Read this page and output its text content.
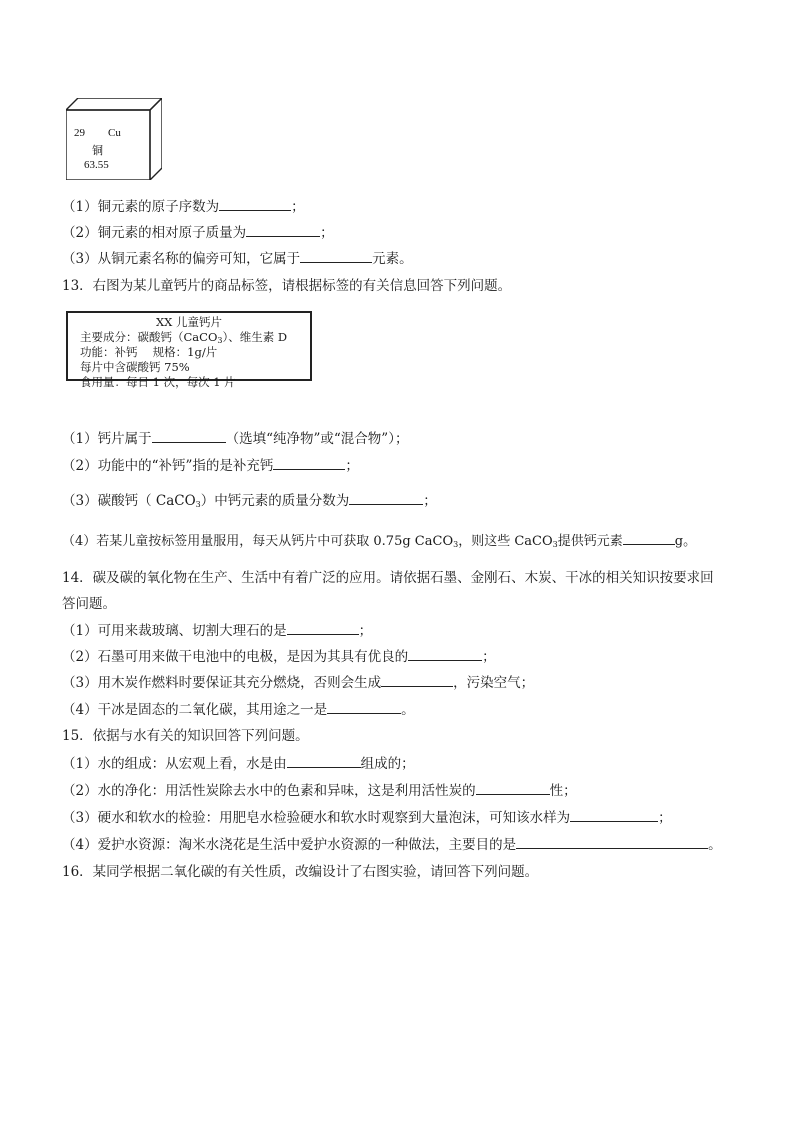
29 Cu
铜
63.55
（1）铜元素的原子序数为	；
（2）铜元素的相对原子质量为	；
（3）从铜元素名称的偏旁可知，它属于	元素。
13．右图为某儿童钙片的商品标签，请根据标签的有关信息回答下列问题。
XX 儿童钙片
主要成分：碳酸钙（CaCO$_3$）、维生素 D
功能：补钙　 规格：1g/片
每片中含碳酸钙 75%
食用量：每日 1 次，每次 1 片
（1）钙片属于	（选填“纯净物”或“混合物”）；
（2）功能中的“补钙”指的是补充钙	；
（3）碳酸钙（ CaCO$_3$）中钙元素的质量分数为	；
（4）若某儿童按标签用量服用，每天从钙片中可获取 0.75g CaCO$_3$，则这些 CaCO$_3$提供钙元素	g。
14．碳及碳的氧化物在生产、生活中有着广泛的应用。请依据石墨、金刚石、木炭、干冰的相关知识按要求回
答问题。
（1）可用来裁玻璃、切割大理石的是	；
（2）石墨可用来做干电池中的电极，是因为其具有优良的	；
（3）用木炭作燃料时要保证其充分燃烧，否则会生成	，污染空气；
（4）干冰是固态的二氧化碳，其用途之一是	。
15．依据与水有关的知识回答下列问题。
（1）水的组成：从宏观上看，水是由	组成的；
（2）水的净化：用活性炭除去水中的色素和异味，这是利用活性炭的	性；
（3）硬水和软水的检验：用肥皂水检验硬水和软水时观察到大量泡沫，可知该水样为	；
（4）爱护水资源：淘米水浇花是生活中爱护水资源的一种做法，主要目的是	。
16．某同学根据二氧化碳的有关性质，改编设计了右图实验，请回答下列问题。
